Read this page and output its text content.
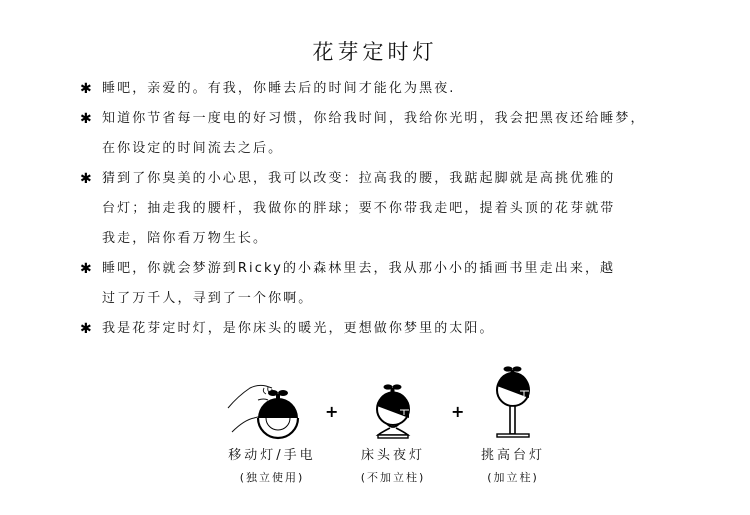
花芽定时灯
✱ 睡吧，亲爱的。有我，你睡去后的时间才能化为黑夜.
✱ 知道你节省每一度电的好习惯，你给我时间，我给你光明，我会把黑夜还给睡梦，
在你设定的时间流去之后。
✱ 猜到了你臭美的小心思，我可以改变：拉高我的腰，我踮起脚就是高挑优雅的
台灯；抽走我的腰杆，我做你的胖球；要不你带我走吧，提着头顶的花芽就带
我走，陪你看万物生长。
✱ 睡吧，你就会梦游到Ricky的小森林里去，我从那小小的插画书里走出来，越
过了万千人，寻到了一个你啊。
✱ 我是花芽定时灯，是你床头的暖光，更想做你梦里的太阳。
+	+
移动灯/手电
(独立使用)
床头夜灯
(不加立柱)
挑高台灯
(加立柱)
